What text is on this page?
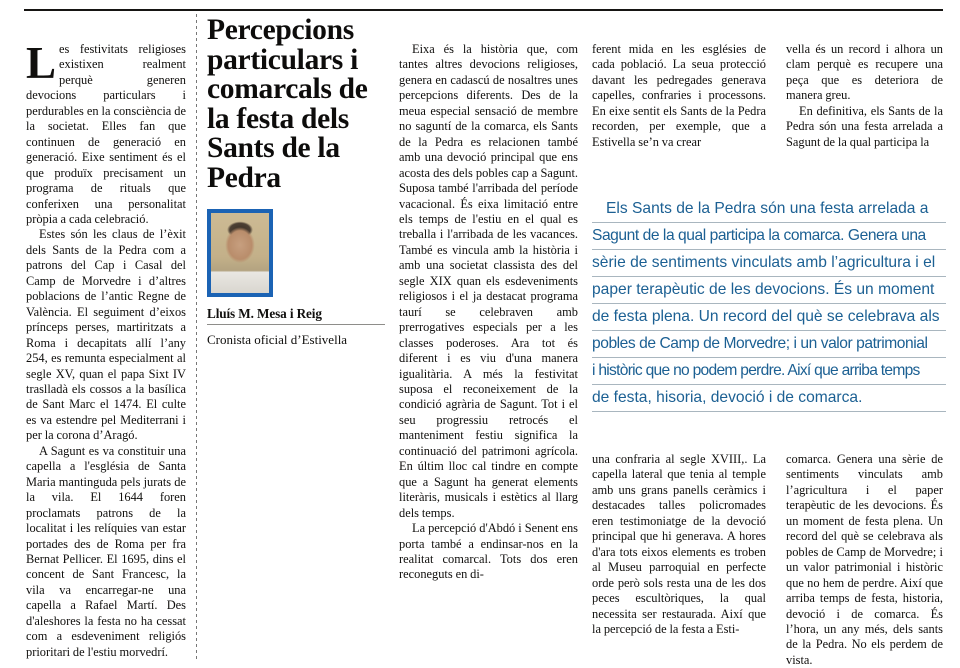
Percepcions particulars i comarcals de la festa dels Sants de la Pedra
Lluís M. Mesa i Reig
Cronista oficial d’Estivella

Les festivitats religioses existixen realment perquè generen devocions particulars i perdurables en la consciència de la societat. Elles fan que continuen de generació en generació. Eixe sentiment és el que produïx precisament un programa de rituals que conferixen una personalitat pròpia a cada celebració.

Estes són les claus de l’èxit dels Sants de la Pedra com a patrons del Cap i Casal del Camp de Morvedre i d’altres poblacions de l’antic Regne de València. El seguiment d’eixos prínceps perses, martiritzats a Roma i decapitats allí l’any 254, es remunta especialment al segle XV, quan el papa Sixt IV traslladà els cossos a la basílica de Sant Marc el 1474. El culte es va estendre pel Mediterrani i per la corona d’Aragó.

A Sagunt es va constituir una capella a l'església de Santa Maria mantinguda pels jurats de la vila. El 1644 foren proclamats patrons de la localitat i les relíquies van estar portades des de Roma per fra Bernat Pellicer. El 1695, dins el concent de Sant Francesc, la vila va encarregar-ne una capella a Rafael Martí. Des d'aleshores la festa no ha cessat com a esdeveniment religiós prioritari de l'estiu morvedrí.

Eixa és la història que, com tantes altres devocions religioses, genera en cadascú de nosaltres unes percepcions diferents. Des de la meua especial sensació de membre no saguntí de la comarca, els Sants de la Pedra es relacionen també amb una devoció principal que ens acosta des dels pobles cap a Sagunt. Suposa també l'arribada del període vacacional. És eixa limitació entre els temps de l'estiu en el qual es treballa i l'arribada de les vacances. També es vincula amb la història i amb una societat classista des del segle XIX quan els esdeveniments religiosos i el ja destacat programa taurí se celebraven amb prerrogatives especials per a les classes poderoses. Ara tot és diferent i es viu d'una manera igualitària. A més la festivitat suposa el reconeixement de la condició agrària de Sagunt. Tot i el seu progressiu retrocés el manteniment festiu significa la continuació del patrimoni agrícola. En últim lloc cal tindre en compte que a Sagunt ha generat elements literàris, musicals i estètics al llarg dels temps.

La percepció d'Abdó i Senent ens porta també a endinsar-nos en la realitat comarcal. Tots dos eren reconeguts en di-

ferent mida en les esglésies de cada població. La seua protecció davant les pedregades generava capelles, confraries i processons. En eixe sentit els Sants de la Pedra recorden, per exemple, que a Estivella se’n va crear

vella és un record i alhora un clam perquè es recupere una peça que es deteriora de manera greu.

En definitiva, els Sants de la Pedra són una festa arrelada a Sagunt de la qual participa la

Els Sants de la Pedra són una festa arrelada a
Sagunt de la qual participa la comarca. Genera una
sèrie de sentiments vinculats amb l’agricultura i el
paper terapèutic de les devocions. És un moment
de festa plena. Un record del què se celebrava als
pobles de Camp de Morvedre; i un valor patrimonial
i històric que no podem perdre. Així que arriba temps
de festa, hisoria, devoció i de comarca.

una confraria al segle XVIII,. La capella lateral que tenia al temple amb uns grans panells ceràmics i destacades talles policromades eren testimoniatge de la devoció principal que hi generava. A hores d'ara tots eixos elements es troben al Museu parroquial en perfecte orde però sols resta una de les dos peces escultòriques, la qual necessita ser restaurada. Així que la percepció de la festa a Esti-

comarca. Genera una sèrie de sentiments vinculats amb l’agricultura i el paper terapèutic de les devocions. És un moment de festa plena. Un record del què se celebrava als pobles de Camp de Morvedre; i un valor patrimonial i històric que no hem de perdre. Així que arriba temps de festa, historia, devoció i de comarca. És l’hora, un any més, dels sants de la Pedra. No els perdem de vista.
